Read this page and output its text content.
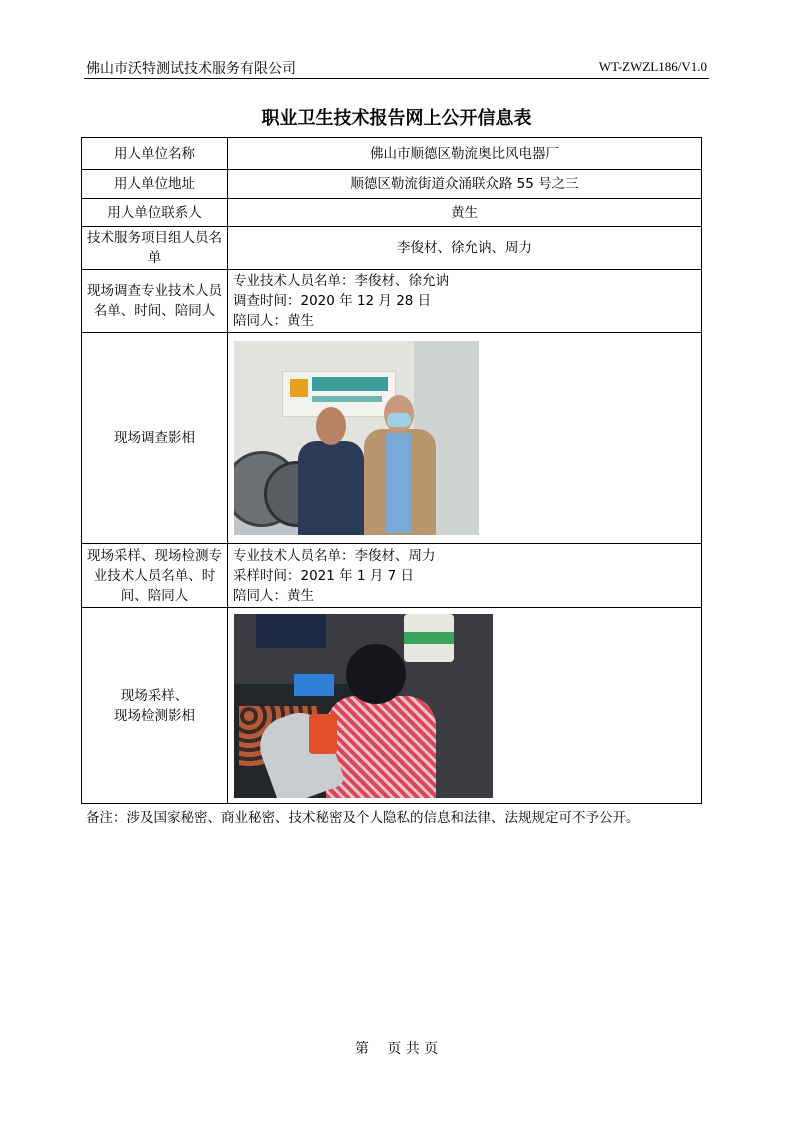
佛山市沃特测试技术服务有限公司	WT-ZWZL186/V1.0
职业卫生技术报告网上公开信息表
用人单位名称	佛山市顺德区勒流奥比风电器厂
用人单位地址	顺德区勒流街道众涌联众路 55 号之三
用人单位联系人	黄生
技术服务项目组人员名单	李俊材、徐允讷、周力
现场调查专业技术人员名单、时间、陪同人	专业技术人员名单：李俊材、徐允讷
调查时间：2020 年 12 月 28 日
陪同人：黄生

现场调查影相	

现场采样、现场检测专业技术人员名单、时间、陪同人	专业技术人员名单：李俊材、周力
采样时间：2021 年 1 月 7 日
陪同人：黄生

现场采样、
现场检测影相	

备注：涉及国家秘密、商业秘密、技术秘密及个人隐私的信息和法律、法规规定可不予公开。
第　 页 共 页
